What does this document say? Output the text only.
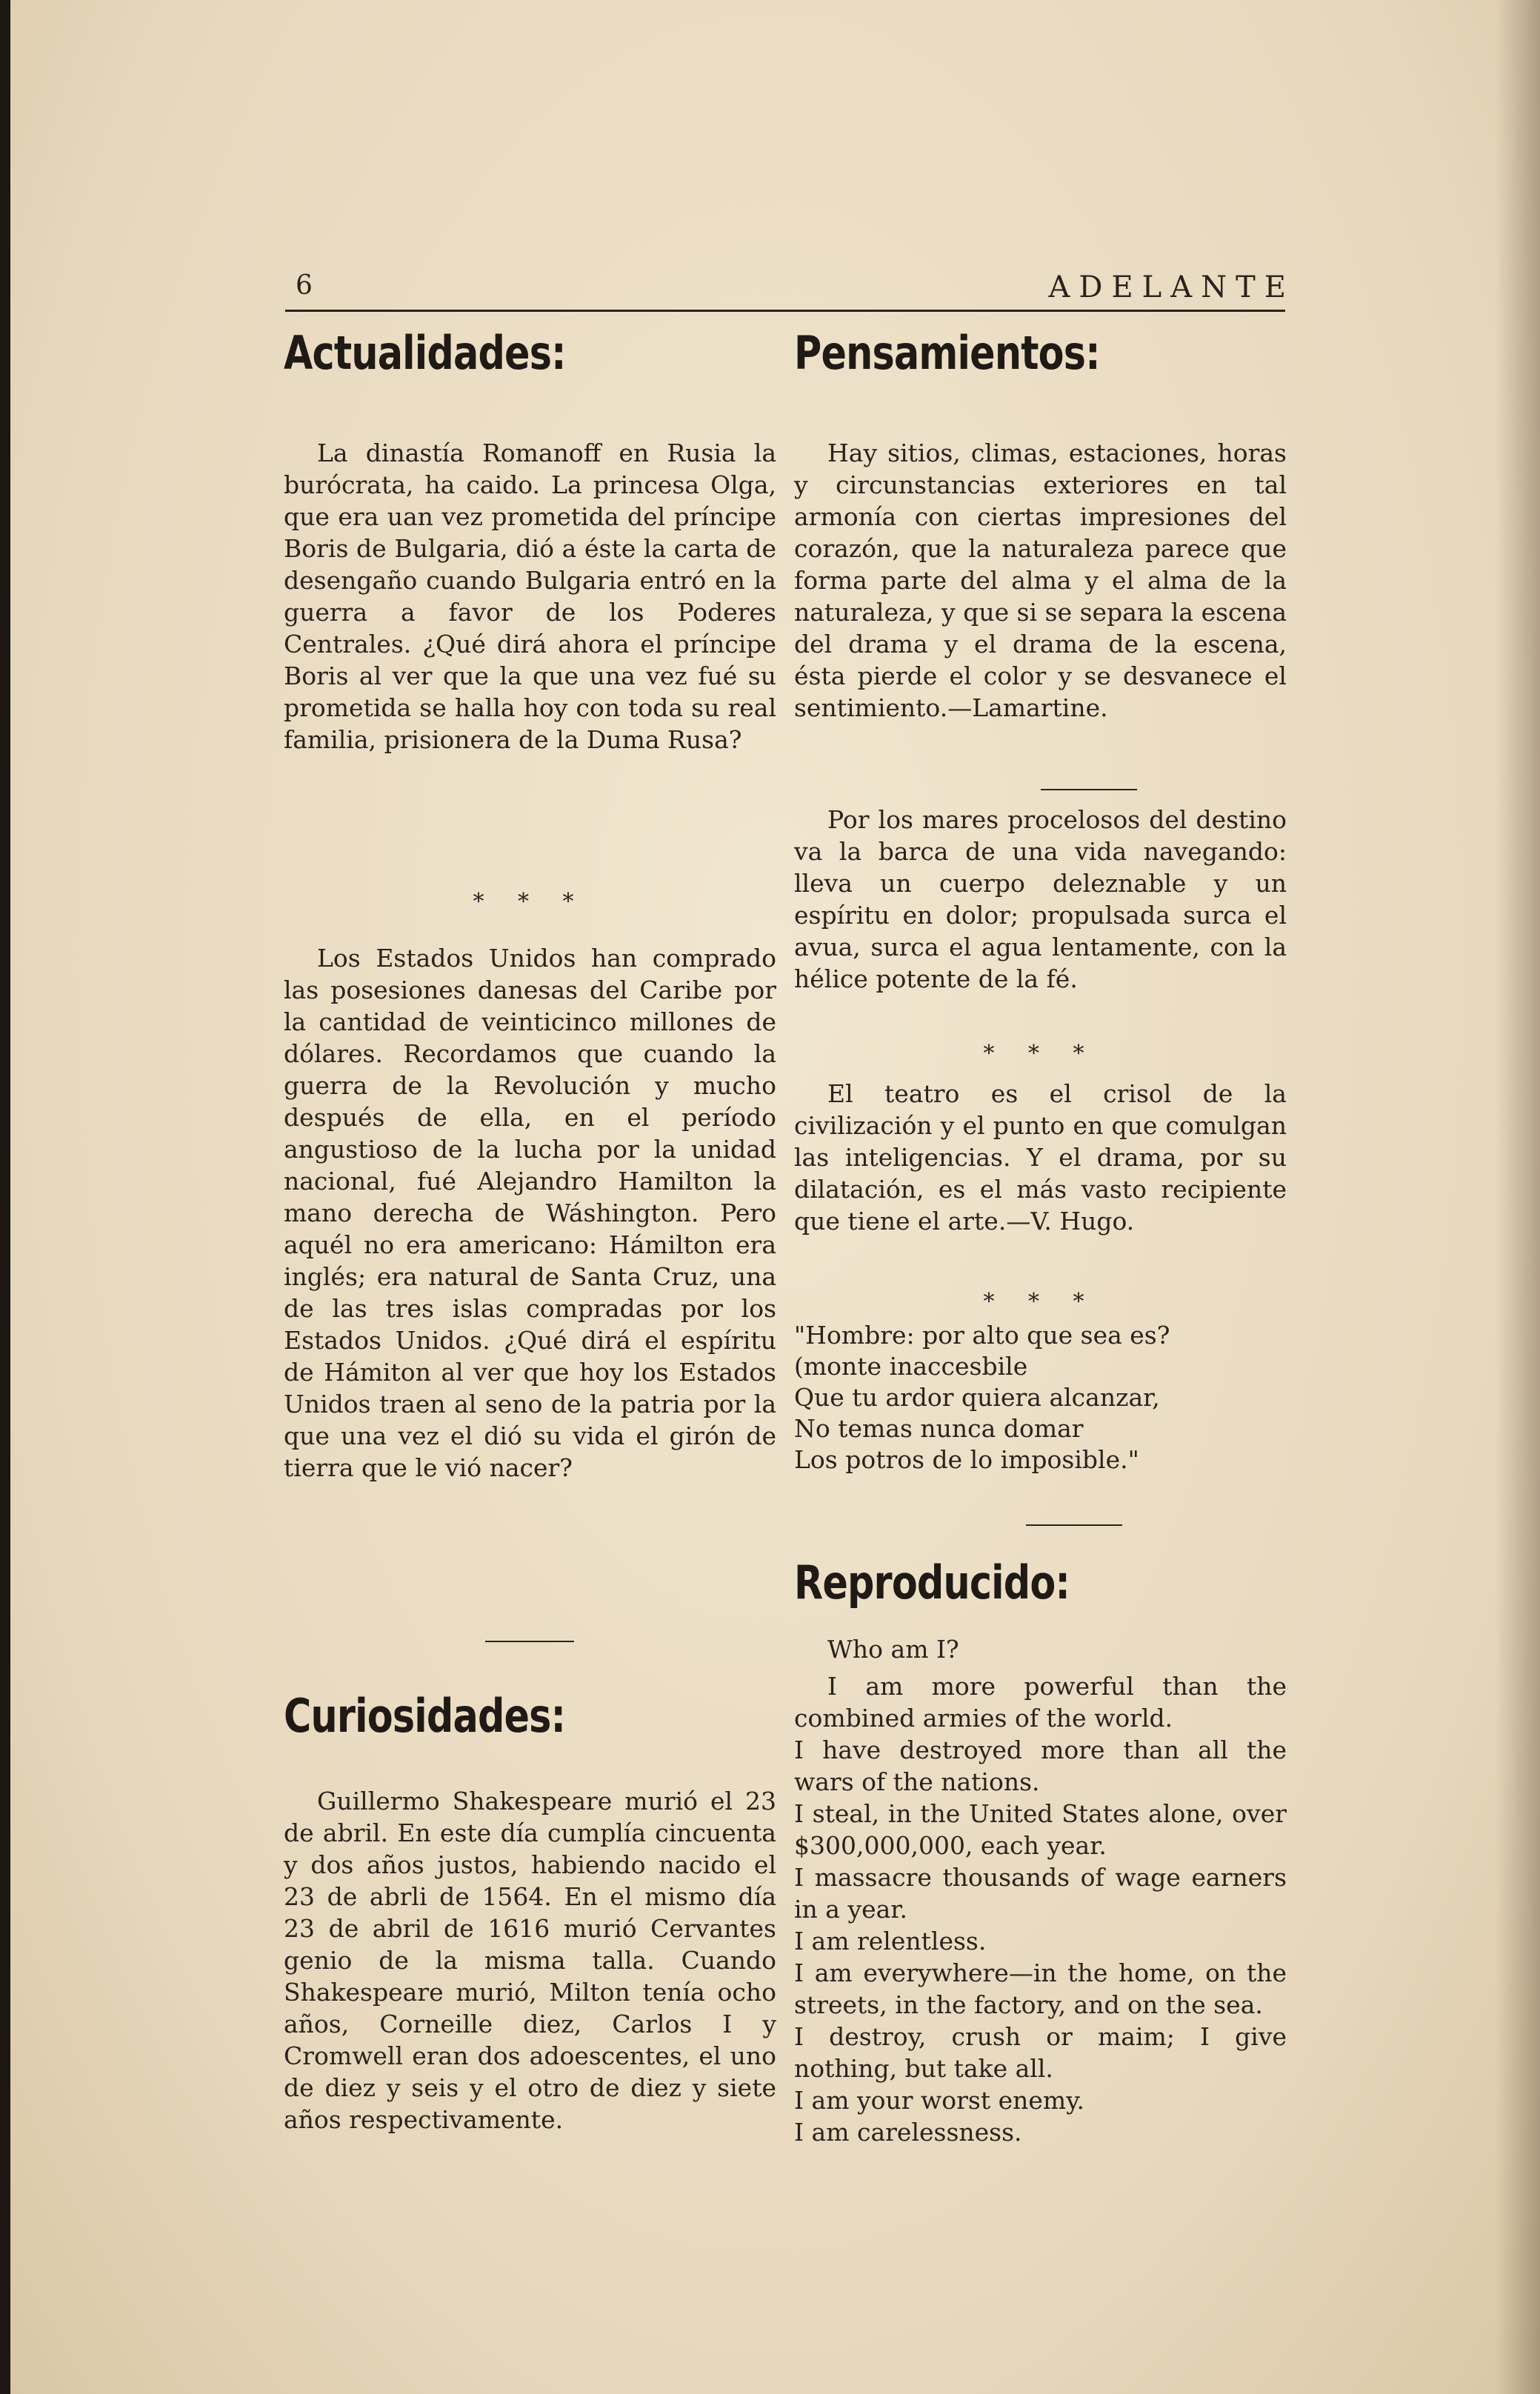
6	ADELANTE
Actualidades:

La dinastía Romanoff en Rusia la burócrata, ha caido. La princesa Olga, que era uan vez prometida del príncipe Boris de Bulgaria, dió a éste la carta de desengaño cuando Bulgaria entró en la guerra a favor de los Poderes Centrales. ¿Qué dirá ahora el príncipe Boris al ver que la que una vez fué su prometida se halla hoy con toda su real familia, prisionera de la Duma Rusa?

* * *

Los Estados Unidos han comprado las posesiones danesas del Caribe por la cantidad de veinticinco millones de dólares. Recordamos que cuando la guerra de la Revolución y mucho después de ella, en el período angustioso de la lucha por la unidad nacional, fué Alejandro Hamilton la mano derecha de Wáshington. Pero aquél no era americano: Hámilton era inglés; era natural de Santa Cruz, una de las tres islas compradas por los Estados Unidos. ¿Qué dirá el espíritu de Hámiton al ver que hoy los Estados Unidos traen al seno de la patria por la que una vez el dió su vida el girón de tierra que le vió nacer?

Curiosidades:

Guillermo Shakespeare murió el 23 de abril. En este día cumplía cincuenta y dos años justos, habiendo nacido el 23 de abrli de 1564. En el mismo día 23 de abril de 1616 murió Cervantes genio de la misma talla. Cuando Shakespeare murió, Milton tenía ocho años, Corneille diez, Carlos I y Cromwell eran dos adoescentes, el uno de diez y seis y el otro de diez y siete años respectivamente.

Pensamientos:

Hay sitios, climas, estaciones, horas y circunstancias exteriores en tal armonía con ciertas impresiones del corazón, que la naturaleza parece que forma parte del alma y el alma de la naturaleza, y que si se separa la escena del drama y el drama de la escena, ésta pierde el color y se desvanece el sentimiento.—Lamartine.

Por los mares procelosos del destino va la barca de una vida navegando: lleva un cuerpo deleznable y un espíritu en dolor; propulsada surca el avua, surca el agua lentamente, con la hélice potente de la fé.

* * *

El teatro es el crisol de la civilización y el punto en que comulgan las inteligencias. Y el drama, por su dilatación, es el más vasto recipiente que tiene el arte.—V. Hugo.

* * *

"Hombre: por alto que sea es?
(monte inaccesbile
Que tu ardor quiera alcanzar,
No temas nunca domar
Los potros de lo imposible."

Reproducido:

Who am I?

I am more powerful than the combined armies of the world.
I have destroyed more than all the wars of the nations.
I steal, in the United States alone, over $300,000,000, each year.
I massacre thousands of wage earners in a year.
I am relentless.
I am everywhere—in the home, on the streets, in the factory, and on the sea.
I destroy, crush or maim; I give nothing, but take all.
I am your worst enemy.
I am carelessness.
